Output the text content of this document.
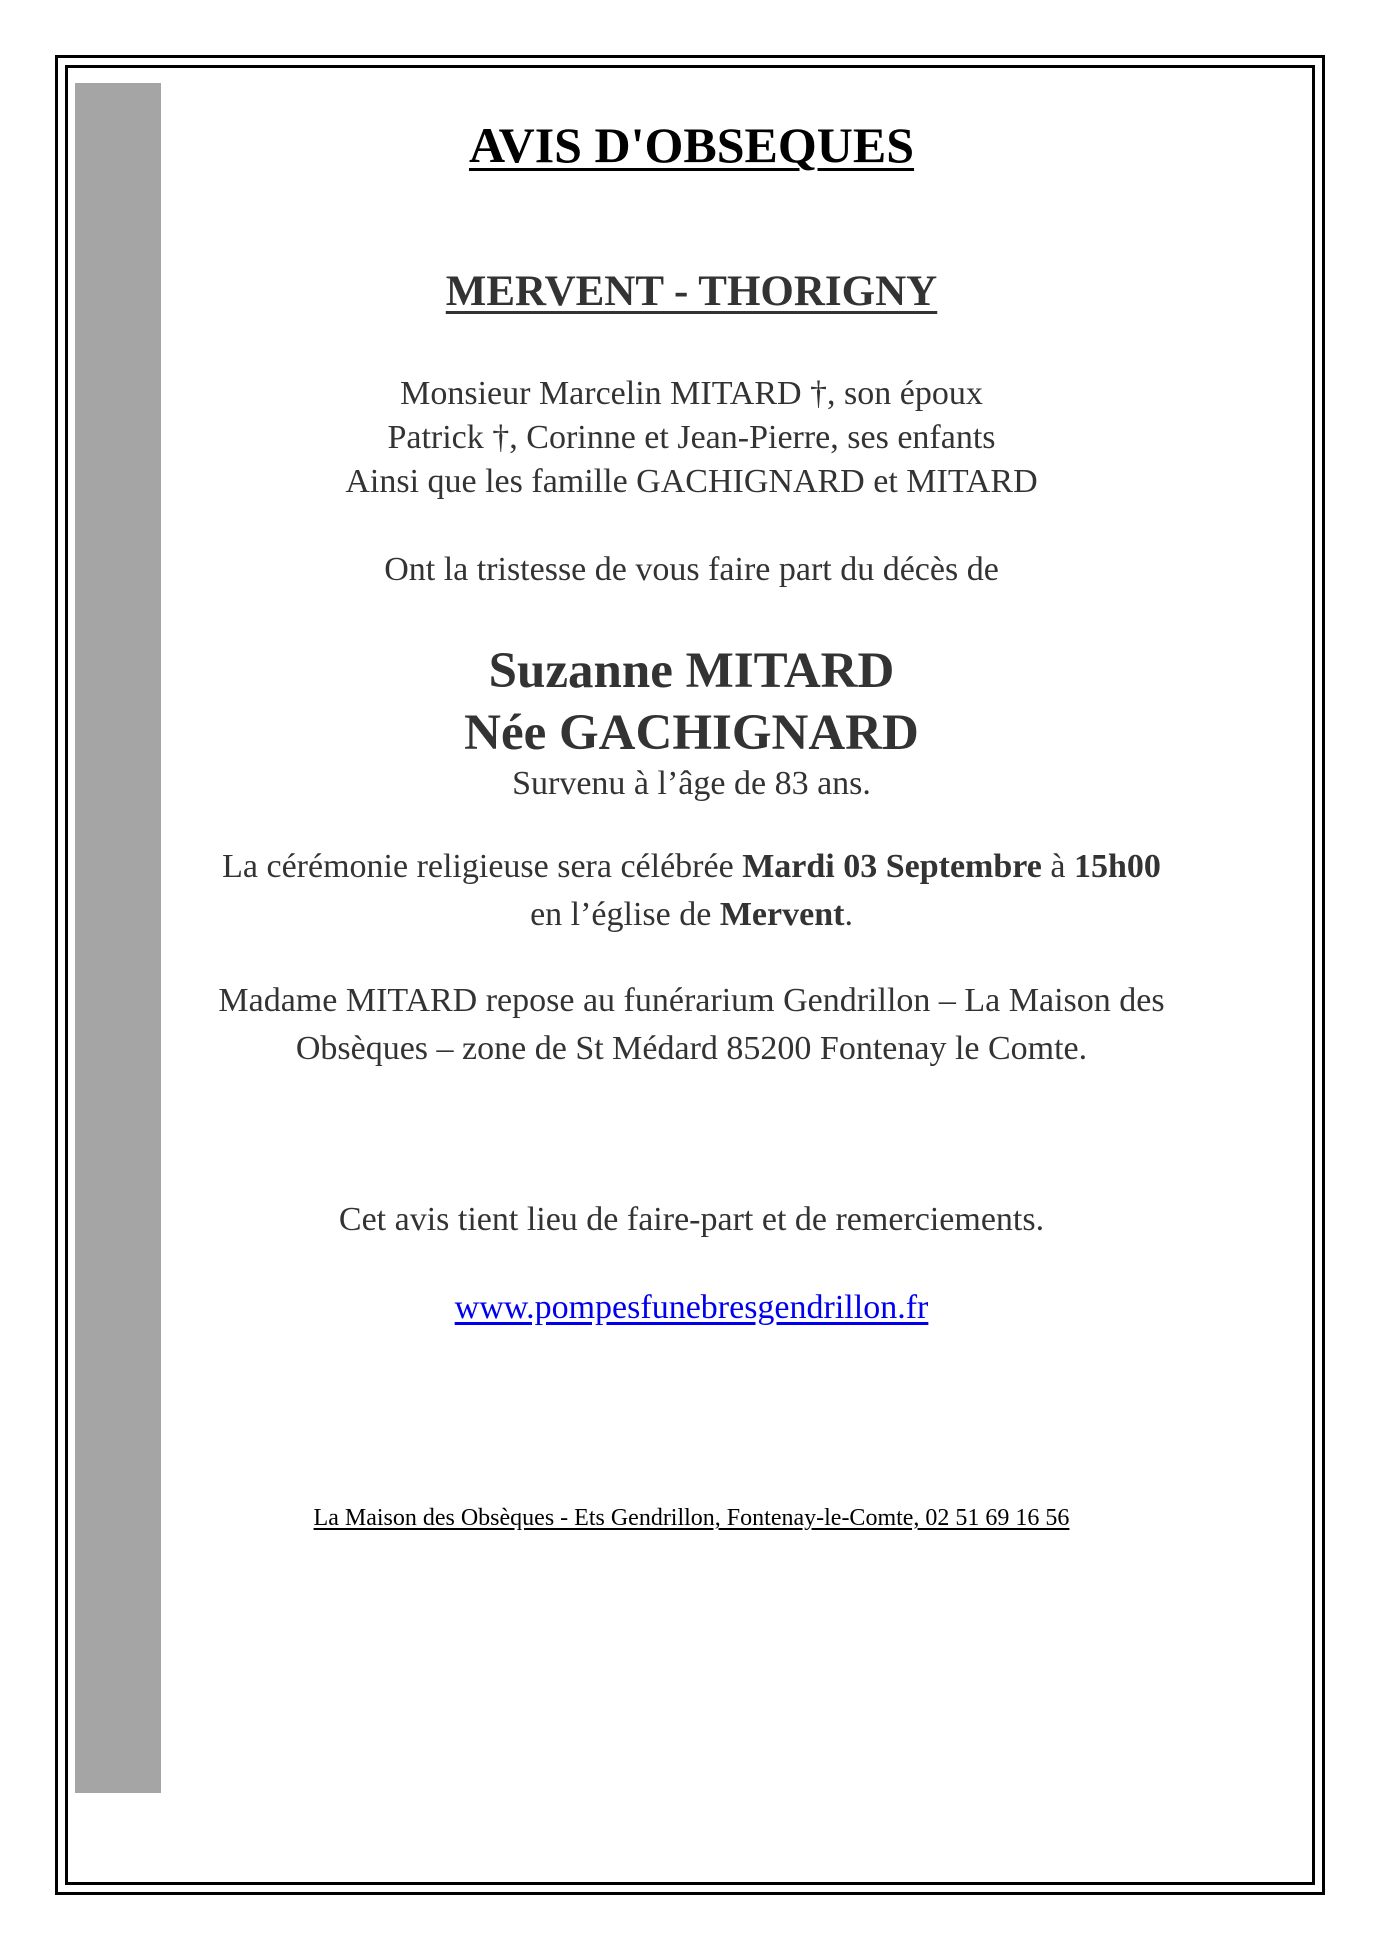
AVIS D'OBSEQUES
MERVENT - THORIGNY
Monsieur Marcelin MITARD †, son époux
Patrick †, Corinne et Jean-Pierre, ses enfants
Ainsi que les famille GACHIGNARD et MITARD
Ont la tristesse de vous faire part du décès de
Suzanne MITARD
Née GACHIGNARD
Survenu à l’âge de 83 ans.
La cérémonie religieuse sera célébrée Mardi 03 Septembre à 15h00
en l’église de Mervent.
Madame MITARD repose au funérarium Gendrillon – La Maison des
Obsèques – zone de St Médard 85200 Fontenay le Comte.
Cet avis tient lieu de faire-part et de remerciements.
www.pompesfunebresgendrillon.fr
La Maison des Obsèques - Ets Gendrillon, Fontenay-le-Comte, 02 51 69 16 56
